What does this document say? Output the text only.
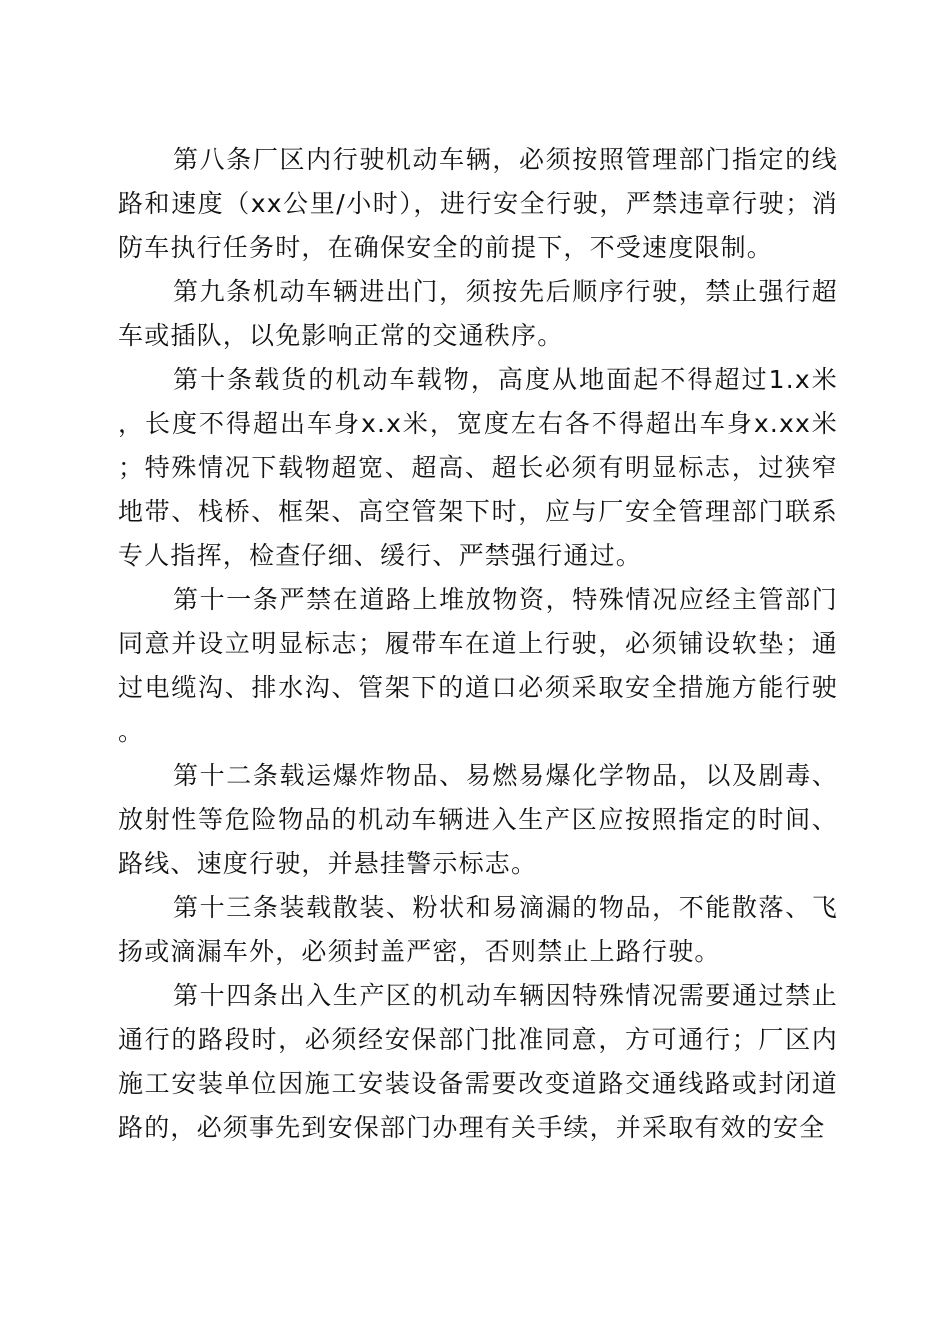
第八条厂区内行驶机动车辆，必须按照管理部门指定的线路和速度（xx公里/小时），进行安全行驶，严禁违章行驶；消防车执行任务时，在确保安全的前提下，不受速度限制。

第九条机动车辆进出门，须按先后顺序行驶，禁止强行超车或插队，以免影响正常的交通秩序。

第十条载货的机动车载物，高度从地面起不得超过1.x米，长度不得超出车身x.x米，宽度左右各不得超出车身x.xx米；特殊情况下载物超宽、超高、超长必须有明显标志，过狭窄地带、栈桥、框架、高空管架下时，应与厂安全管理部门联系专人指挥，检查仔细、缓行、严禁强行通过。

第十一条严禁在道路上堆放物资，特殊情况应经主管部门同意并设立明显标志；履带车在道上行驶，必须铺设软垫；通过电缆沟、排水沟、管架下的道口必须采取安全措施方能行驶。

第十二条载运爆炸物品、易燃易爆化学物品，以及剧毒、放射性等危险物品的机动车辆进入生产区应按照指定的时间、路线、速度行驶，并悬挂警示标志。

第十三条装载散装、粉状和易滴漏的物品，不能散落、飞扬或滴漏车外，必须封盖严密，否则禁止上路行驶。

第十四条出入生产区的机动车辆因特殊情况需要通过禁止通行的路段时，必须经安保部门批准同意，方可通行；厂区内施工安装单位因施工安装设备需要改变道路交通线路或封闭道路的，必须事先到安保部门办理有关手续，并采取有效的安全
